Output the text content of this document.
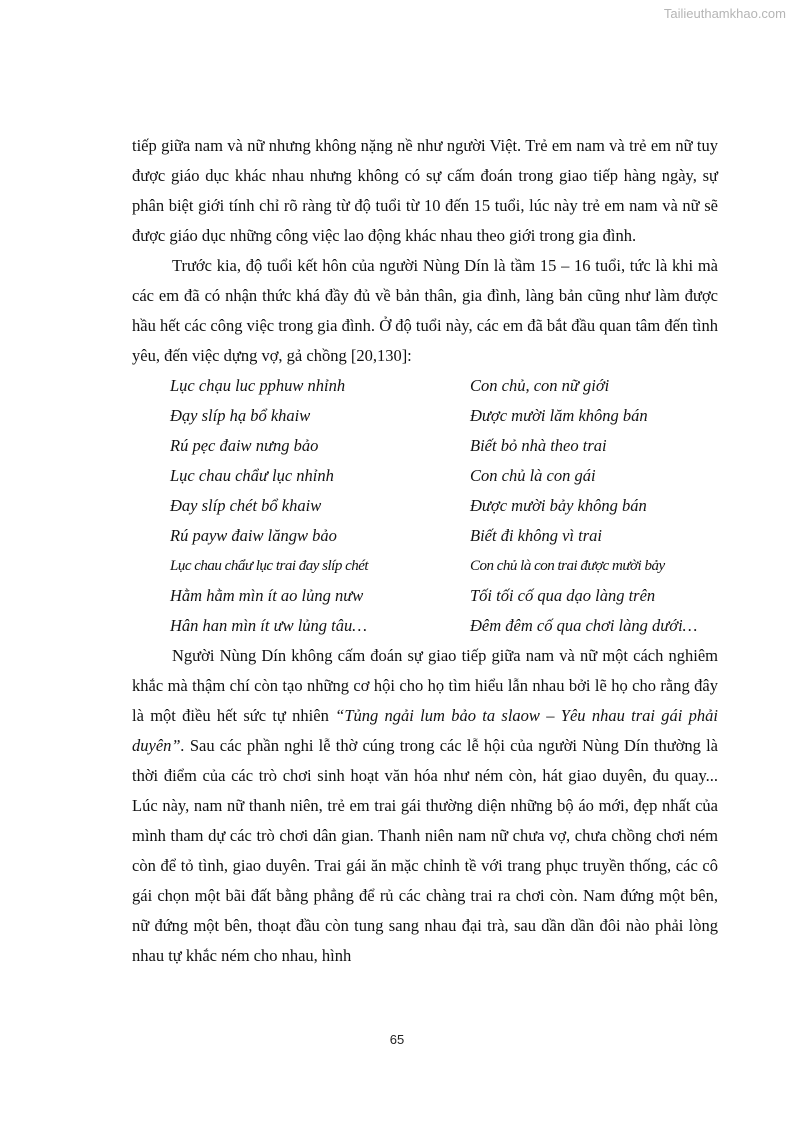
Tailieuthamkhao.com

tiếp giữa nam và nữ nhưng không nặng nề như người Việt. Trẻ em nam và trẻ em nữ tuy được giáo dục khác nhau nhưng không có sự cấm đoán trong giao tiếp hàng ngày, sự phân biệt giới tính chỉ rõ ràng từ độ tuổi từ 10 đến 15 tuổi, lúc này trẻ em nam và nữ sẽ được giáo dục những công việc lao động khác nhau theo giới trong gia đình.

Trước kia, độ tuổi kết hôn của người Nùng Dín là tầm 15 – 16 tuổi, tức là khi mà các em đã có nhận thức khá đầy đủ về bản thân, gia đình, làng bản cũng như làm được hầu hết các công việc trong gia đình. Ở độ tuổi này, các em đã bắt đầu quan tâm đến tình yêu, đến việc dựng vợ, gả chồng [20,130]:

Lục chạu luc pphuw nhỉnh	Con chủ, con nữ giới
Đạy slíp hạ bổ khaiw	Được mười lăm không bán
Rú pẹc đaiw nưng bảo	Biết bỏ nhà theo trai
Lục chau chẩư lục nhỉnh	Con chủ là con gái
Đay slíp chét bổ khaiw	Được mười bảy không bán
Rú payw đaiw lăngw bảo	Biết đi không vì trai
Lục chau chẩư lục trai đay slíp chét	Con chủ là con trai được mười bảy
Hằm hằm mìn ít ao lủng nưw	Tối tối cố qua dạo làng trên
Hân han mìn ít ưw lủng tâu…	Đêm đêm cố qua chơi làng dưới…

Người Nùng Dín không cấm đoán sự giao tiếp giữa nam và nữ một cách nghiêm khắc mà thậm chí còn tạo những cơ hội cho họ tìm hiểu lẫn nhau bởi lẽ họ cho rằng đây là một điều hết sức tự nhiên “Tủng ngải lum bảo ta slaow – Yêu nhau trai gái phải duyên”. Sau các phần nghi lễ thờ cúng trong các lễ hội của người Nùng Dín thường là thời điểm của các trò chơi sinh hoạt văn hóa như ném còn, hát giao duyên, đu quay... Lúc này, nam nữ thanh niên, trẻ em trai gái thường diện những bộ áo mới, đẹp nhất của mình tham dự các trò chơi dân gian. Thanh niên nam nữ chưa vợ, chưa chồng chơi ném còn để tỏ tình, giao duyên. Trai gái ăn mặc chỉnh tề với trang phục truyền thống, các cô gái chọn một bãi đất bằng phẳng để rủ các chàng trai ra chơi còn. Nam đứng một bên, nữ đứng một bên, thoạt đầu còn tung sang nhau đại trà, sau dần dần đôi nào phải lòng nhau tự khắc ném cho nhau, hình

65
